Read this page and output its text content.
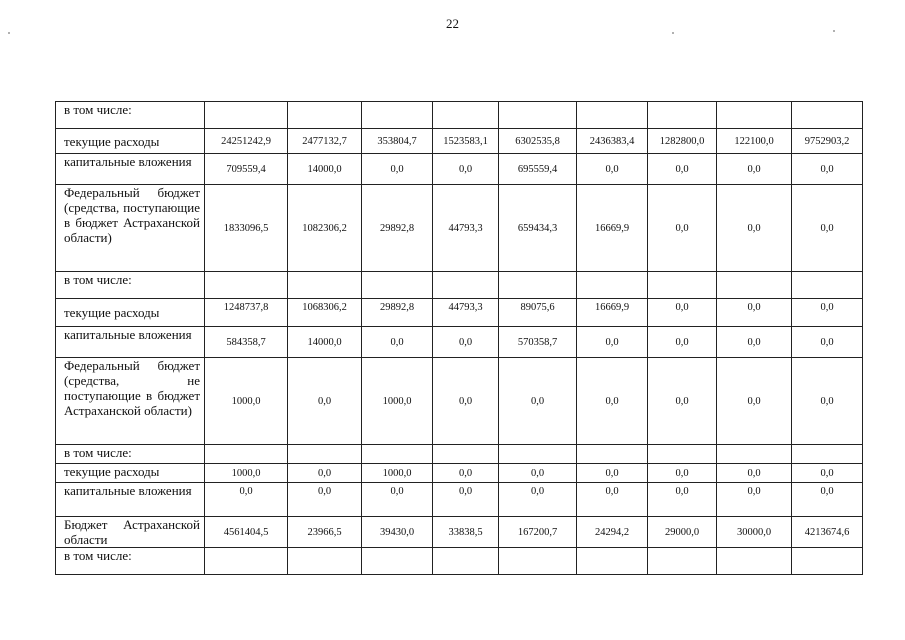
22
в том числе:									
текущие расходы	24251242,9	2477132,7	353804,7	1523583,1	6302535,8	2436383,4	1282800,0	122100,0	9752903,2
капитальные вложения	709559,4	14000,0	0,0	0,0	695559,4	0,0	0,0	0,0	0,0
Федеральный бюджет (средства, поступающие в бюджет Астраханской области)	1833096,5	1082306,2	29892,8	44793,3	659434,3	16669,9	0,0	0,0	0,0
в том числе:									
текущие расходы	1248737,8	1068306,2	29892,8	44793,3	89075,6	16669,9	0,0	0,0	0,0
капитальные вложения	584358,7	14000,0	0,0	0,0	570358,7	0,0	0,0	0,0	0,0
Федеральный бюджет (средства, не поступающие в бюджет Астраханской области)	1000,0	0,0	1000,0	0,0	0,0	0,0	0,0	0,0	0,0
в том числе:									
текущие расходы	1000,0	0,0	1000,0	0,0	0,0	0,0	0,0	0,0	0,0
капитальные вложения	0,0	0,0	0,0	0,0	0,0	0,0	0,0	0,0	0,0
Бюджет Астраханской области	4561404,5	23966,5	39430,0	33838,5	167200,7	24294,2	29000,0	30000,0	4213674,6
в том числе:									
